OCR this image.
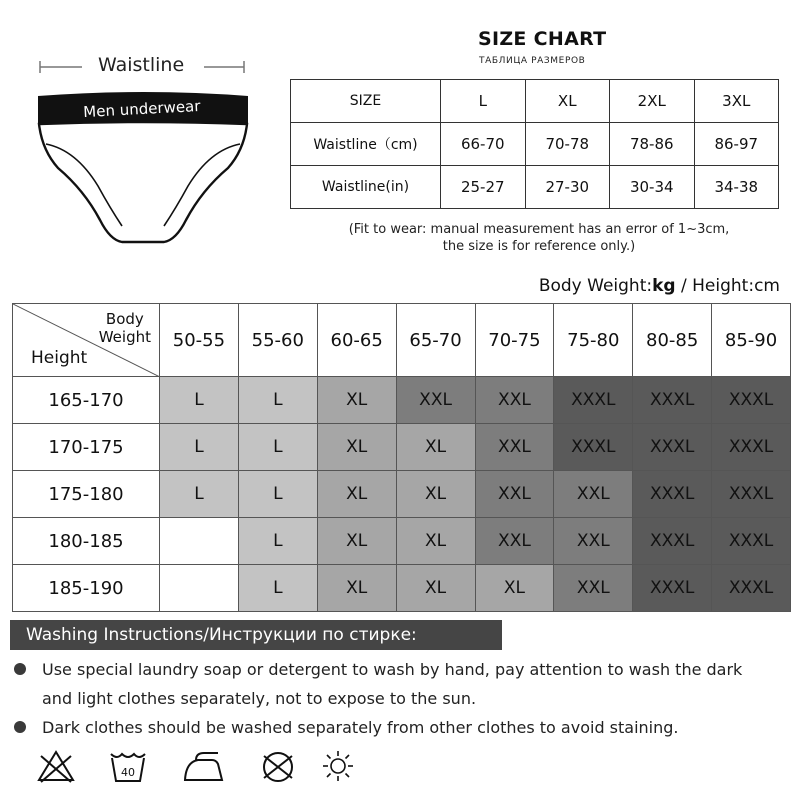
Waistline
Men underwear
SIZE CHART
ТАБЛИЦА РАЗМЕРОВ
SIZE	L	XL	2XL	3XL
Waistline（cm)	66-70	70-78	78-86	86-97
Waistline(in)	25-27	27-30	30-34	34-38
(Fit to wear: manual measurement has an error of 1~3cm,
the size is for reference only.)
Body Weight:kg / Height:cm
Body
Weight
Height	50-55	55-60	60-65	65-70	70-75	75-80	80-85	85-90
165-170	L	L	XL	XXL	XXL	XXXL	XXXL	XXXL
170-175	L	L	XL	XL	XXL	XXXL	XXXL	XXXL
175-180	L	L	XL	XL	XXL	XXL	XXXL	XXXL
180-185		L	XL	XL	XXL	XXL	XXXL	XXXL
185-190		L	XL	XL	XL	XXL	XXXL	XXXL
Washing Instructions/Инструкции по стирке:
Use special laundry soap or detergent to wash by hand, pay attention to wash the dark
and light clothes separately, not to expose to the sun.
Dark clothes should be washed separately from other clothes to avoid staining.
40
